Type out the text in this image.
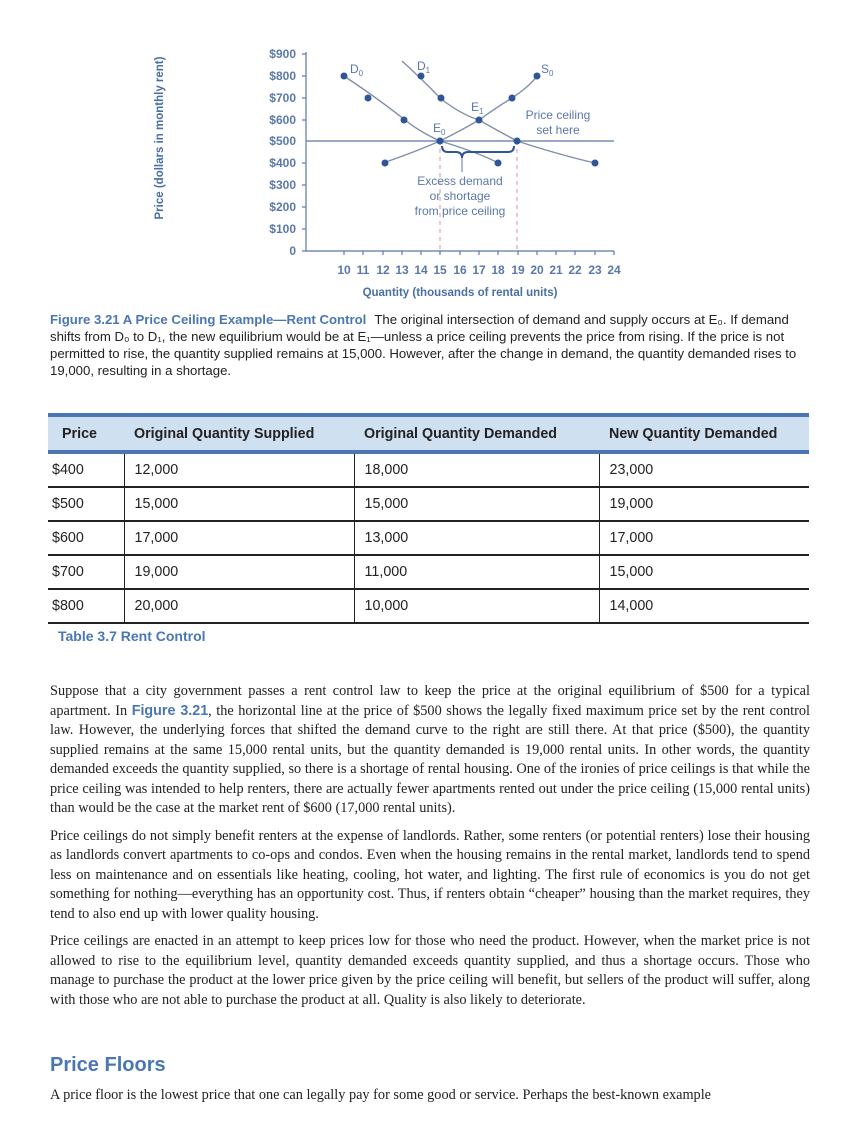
$900
$800
$700
$600
$500
$400
$300
$200
$100
0
10 11 12 13 14 15 16 17 18 19 20 21 22 23 24
$D_0$
$D_1$	$S_0$
$E_0$
$E_1$	Price ceiling
set here
Excess demand
or shortage
from price ceiling
Price (dollars in monthly rent)
Quantity (thousands of rental units)
Figure 3.21 A Price Ceiling Example—Rent Control The original intersection of demand and supply occurs at E₀. If demand shifts from D₀ to D₁, the new equilibrium would be at E₁—unless a price ceiling prevents the price from rising. If the price is not permitted to rise, the quantity supplied remains at 15,000. However, after the change in demand, the quantity demanded rises to 19,000, resulting in a shortage.
Price	Original Quantity Supplied	Original Quantity Demanded	New Quantity Demanded
$400	12,000	18,000	23,000
$500	15,000	15,000	19,000
$600	17,000	13,000	17,000
$700	19,000	11,000	15,000
$800	20,000	10,000	14,000
Table 3.7 Rent Control

Suppose that a city government passes a rent control law to keep the price at the original equilibrium of $500 for a typical apartment. In Figure 3.21, the horizontal line at the price of $500 shows the legally fixed maximum price set by the rent control law. However, the underlying forces that shifted the demand curve to the right are still there. At that price ($500), the quantity supplied remains at the same 15,000 rental units, but the quantity demanded is 19,000 rental units. In other words, the quantity demanded exceeds the quantity supplied, so there is a shortage of rental housing. One of the ironies of price ceilings is that while the price ceiling was intended to help renters, there are actually fewer apartments rented out under the price ceiling (15,000 rental units) than would be the case at the market rent of $600 (17,000 rental units).

Price ceilings do not simply benefit renters at the expense of landlords. Rather, some renters (or potential renters) lose their housing as landlords convert apartments to co-ops and condos. Even when the housing remains in the rental market, landlords tend to spend less on maintenance and on essentials like heating, cooling, hot water, and lighting. The first rule of economics is you do not get something for nothing—everything has an opportunity cost. Thus, if renters obtain “cheaper” housing than the market requires, they tend to also end up with lower quality housing.

Price ceilings are enacted in an attempt to keep prices low for those who need the product. However, when the market price is not allowed to rise to the equilibrium level, quantity demanded exceeds quantity supplied, and thus a shortage occurs. Those who manage to purchase the product at the lower price given by the price ceiling will benefit, but sellers of the product will suffer, along with those who are not able to purchase the product at all. Quality is also likely to deteriorate.

Price Floors

A price floor is the lowest price that one can legally pay for some good or service. Perhaps the best-known example
